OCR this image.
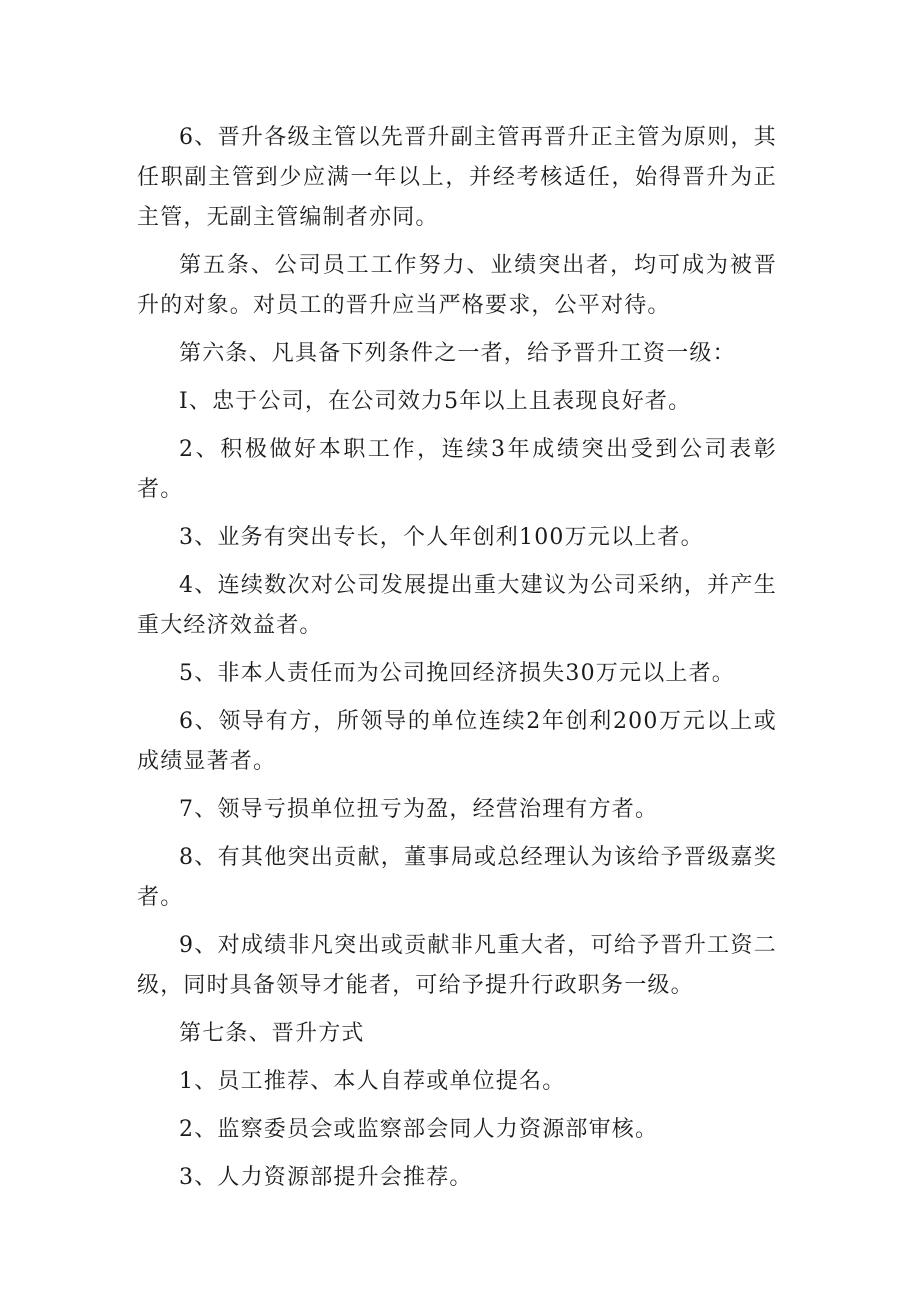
6、晋升各级主管以先晋升副主管再晋升正主管为原则，其任职副主管到少应满一年以上，并经考核适任，始得晋升为正主管，无副主管编制者亦同。

第五条、公司员工工作努力、业绩突出者，均可成为被晋升的对象。对员工的晋升应当严格要求，公平对待。

第六条、凡具备下列条件之一者，给予晋升工资一级：

I、忠于公司，在公司效力5年以上且表现良好者。

2、积极做好本职工作，连续3年成绩突出受到公司表彰者。

3、业务有突出专长，个人年创利100万元以上者。

4、连续数次对公司发展提出重大建议为公司采纳，并产生重大经济效益者。

5、非本人责任而为公司挽回经济损失30万元以上者。

6、领导有方，所领导的单位连续2年创利200万元以上或成绩显著者。

7、领导亏损单位扭亏为盈，经营治理有方者。

8、有其他突出贡献，董事局或总经理认为该给予晋级嘉奖者。

9、对成绩非凡突出或贡献非凡重大者，可给予晋升工资二级，同时具备领导才能者，可给予提升行政职务一级。

第七条、晋升方式

1、员工推荐、本人自荐或单位提名。

2、监察委员会或监察部会同人力资源部审核。

3、人力资源部提升会推荐。
